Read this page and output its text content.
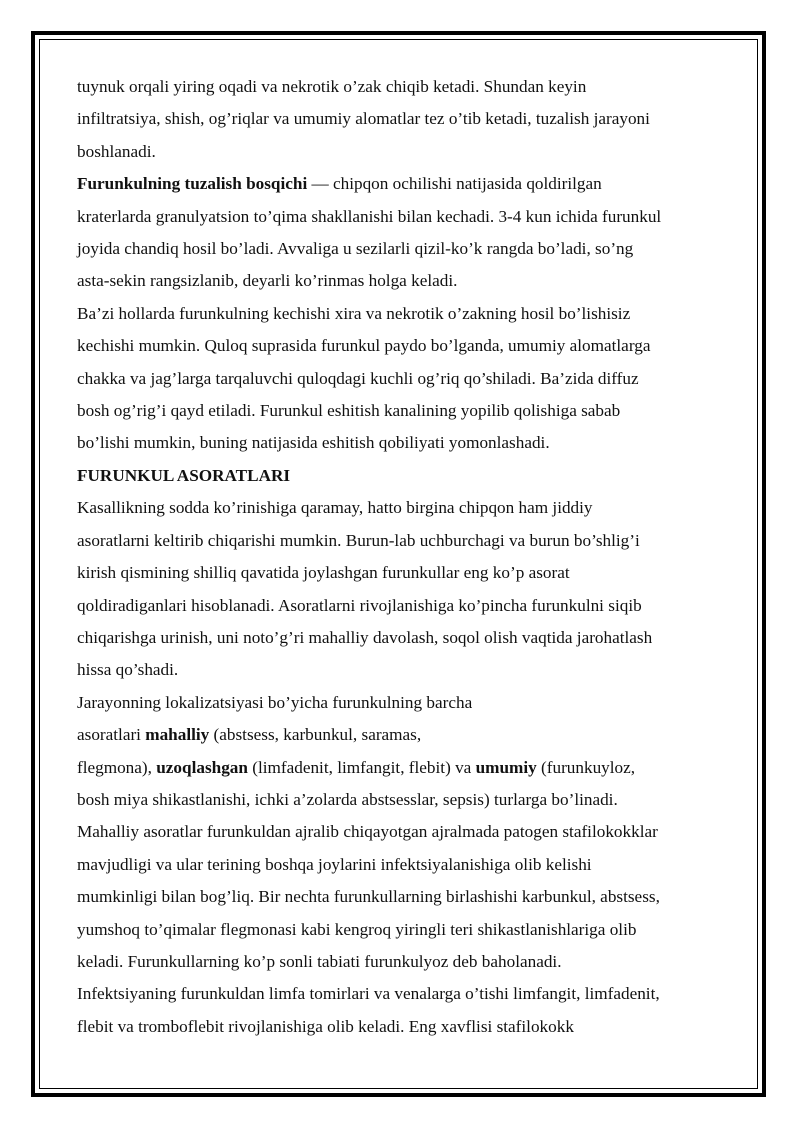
tuynuk orqali yiring oqadi va nekrotik o’zak chiqib ketadi. Shundan keyin
infiltratsiya, shish, og’riqlar va umumiy alomatlar tez o’tib ketadi, tuzalish jarayoni
boshlanadi.

Furunkulning tuzalish bosqichi — chipqon ochilishi natijasida qoldirilgan
kraterlarda granulyatsion to’qima shakllanishi bilan kechadi. 3-4 kun ichida furunkul
joyida chandiq hosil bo’ladi. Avvaliga u sezilarli qizil-ko’k rangda bo’ladi, so’ng
asta-sekin rangsizlanib, deyarli ko’rinmas holga keladi.

Ba’zi hollarda furunkulning kechishi xira va nekrotik o’zakning hosil bo’lishisiz
kechishi mumkin. Quloq suprasida furunkul paydo bo’lganda, umumiy alomatlarga
chakka va jag’larga tarqaluvchi quloqdagi kuchli og’riq qo’shiladi. Ba’zida diffuz
bosh og’rig’i qayd etiladi. Furunkul eshitish kanalining yopilib qolishiga sabab
bo’lishi mumkin, buning natijasida eshitish qobiliyati yomonlashadi.

FURUNKUL ASORATLARI

Kasallikning sodda ko’rinishiga qaramay, hatto birgina chipqon ham jiddiy
asoratlarni keltirib chiqarishi mumkin. Burun-lab uchburchagi va burun bo’shlig’i
kirish qismining shilliq qavatida joylashgan furunkullar eng ko’p asorat
qoldiradiganlari hisoblanadi. Asoratlarni rivojlanishiga ko’pincha furunkulni siqib
chiqarishga urinish, uni noto’g’ri mahalliy davolash, soqol olish vaqtida jarohatlash
hissa qo’shadi.

Jarayonning lokalizatsiyasi bo’yicha furunkulning barcha
asoratlari mahalliy (abstsess, karbunkul, saramas,
flegmona), uzoqlashgan (limfadenit, limfangit, flebit) va umumiy (furunkuyloz,
bosh miya shikastlanishi, ichki a’zolarda abstsesslar, sepsis) turlarga bo’linadi.

Mahalliy asoratlar furunkuldan ajralib chiqayotgan ajralmada patogen stafilokokklar
mavjudligi va ular terining boshqa joylarini infektsiyalanishiga olib kelishi
mumkinligi bilan bog’liq. Bir nechta furunkullarning birlashishi karbunkul, abstsess,
yumshoq to’qimalar flegmonasi kabi kengroq yiringli teri shikastlanishlariga olib
keladi. Furunkullarning ko’p sonli tabiati furunkulyoz deb baholanadi.

Infektsiyaning furunkuldan limfa tomirlari va venalarga o’tishi limfangit, limfadenit,
flebit va tromboflebit rivojlanishiga olib keladi. Eng xavflisi stafilokokk
